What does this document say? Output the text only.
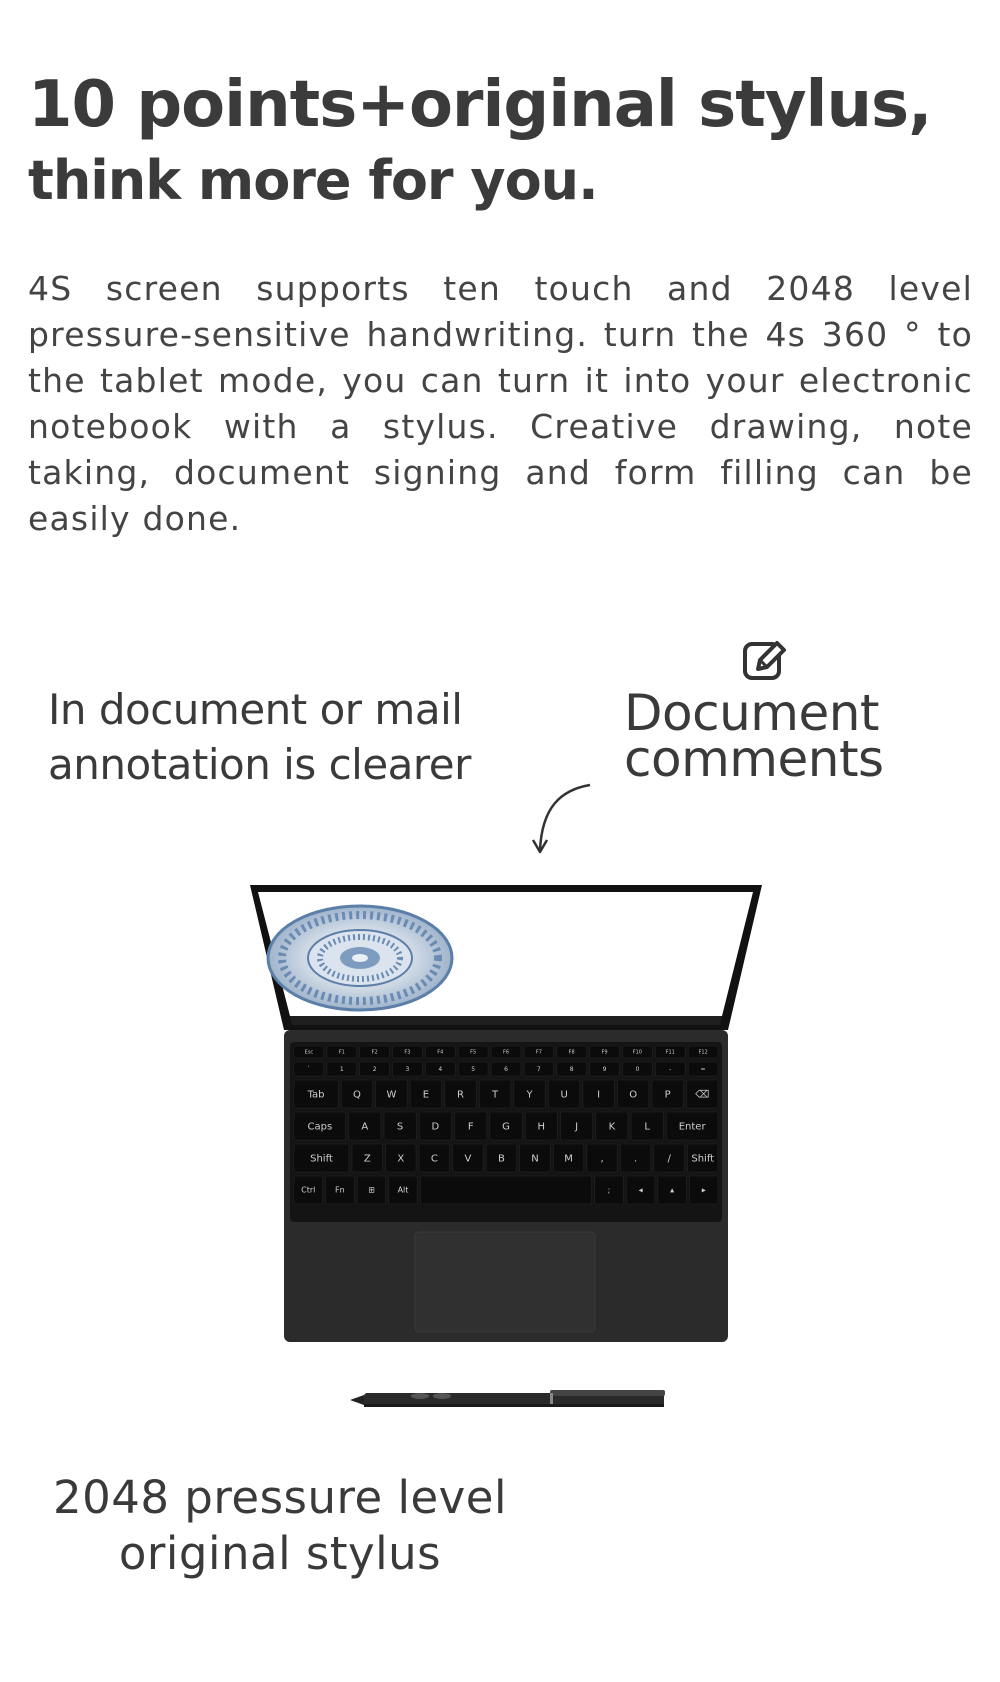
10 points+original stylus,
think more for you.

4S screen supports ten touch and 2048 level pressure-sensitive handwriting. turn the 4s 360 ° to the tablet mode, you can turn it into your electronic notebook with a stylus. Creative drawing, note taking, document signing and form filling can be easily done.

In document or mail
annotation is clearer
Document
comments
Esc	F1	F2	F3	F4	F5	F6	F7	F8	F9	F10	F11	F12
`	1	2	3	4	5	6	7	8	9	0	-	=
Tab	Q	W	E	R	T	Y	U	I	O	P ⌫
Caps	A	S	D	F	G	H	J	K	L	Enter
Shift	Z	X	C	V	B	N	M	,	.	/ Shift
Ctrl Fn	⊞	Alt	;	◂	▴	▸
2048 pressure level
original stylus
